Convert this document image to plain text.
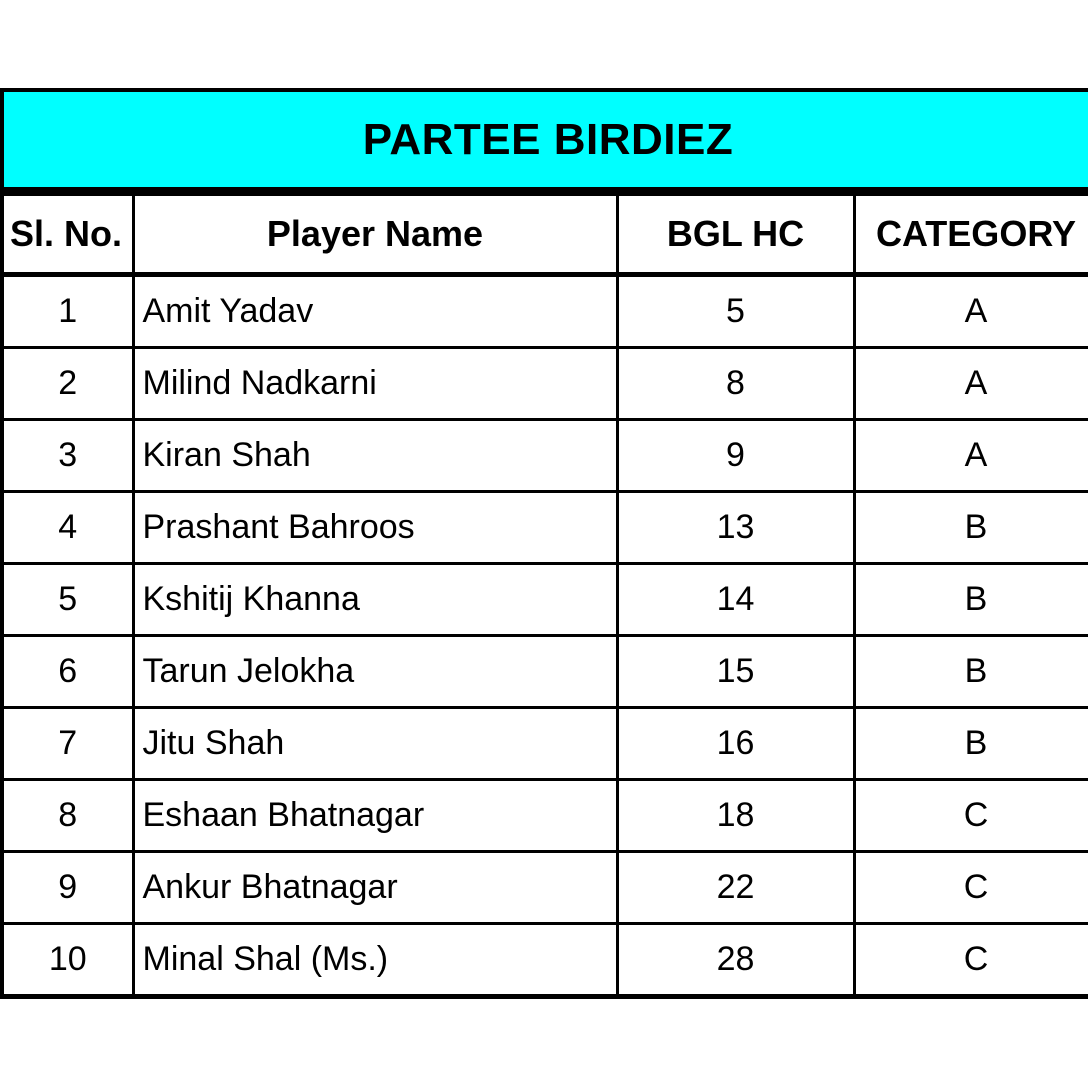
PARTEE BIRDIEZ
Sl. No.	Player Name	BGL HC	CATEGORY
1	Amit Yadav	5	A
2	Milind Nadkarni	8	A
3	Kiran Shah	9	A
4	Prashant Bahroos	13	B
5	Kshitij Khanna	14	B
6	Tarun Jelokha	15	B
7	Jitu Shah	16	B
8	Eshaan Bhatnagar	18	C
9	Ankur Bhatnagar	22	C
10	Minal Shal (Ms.)	28	C
